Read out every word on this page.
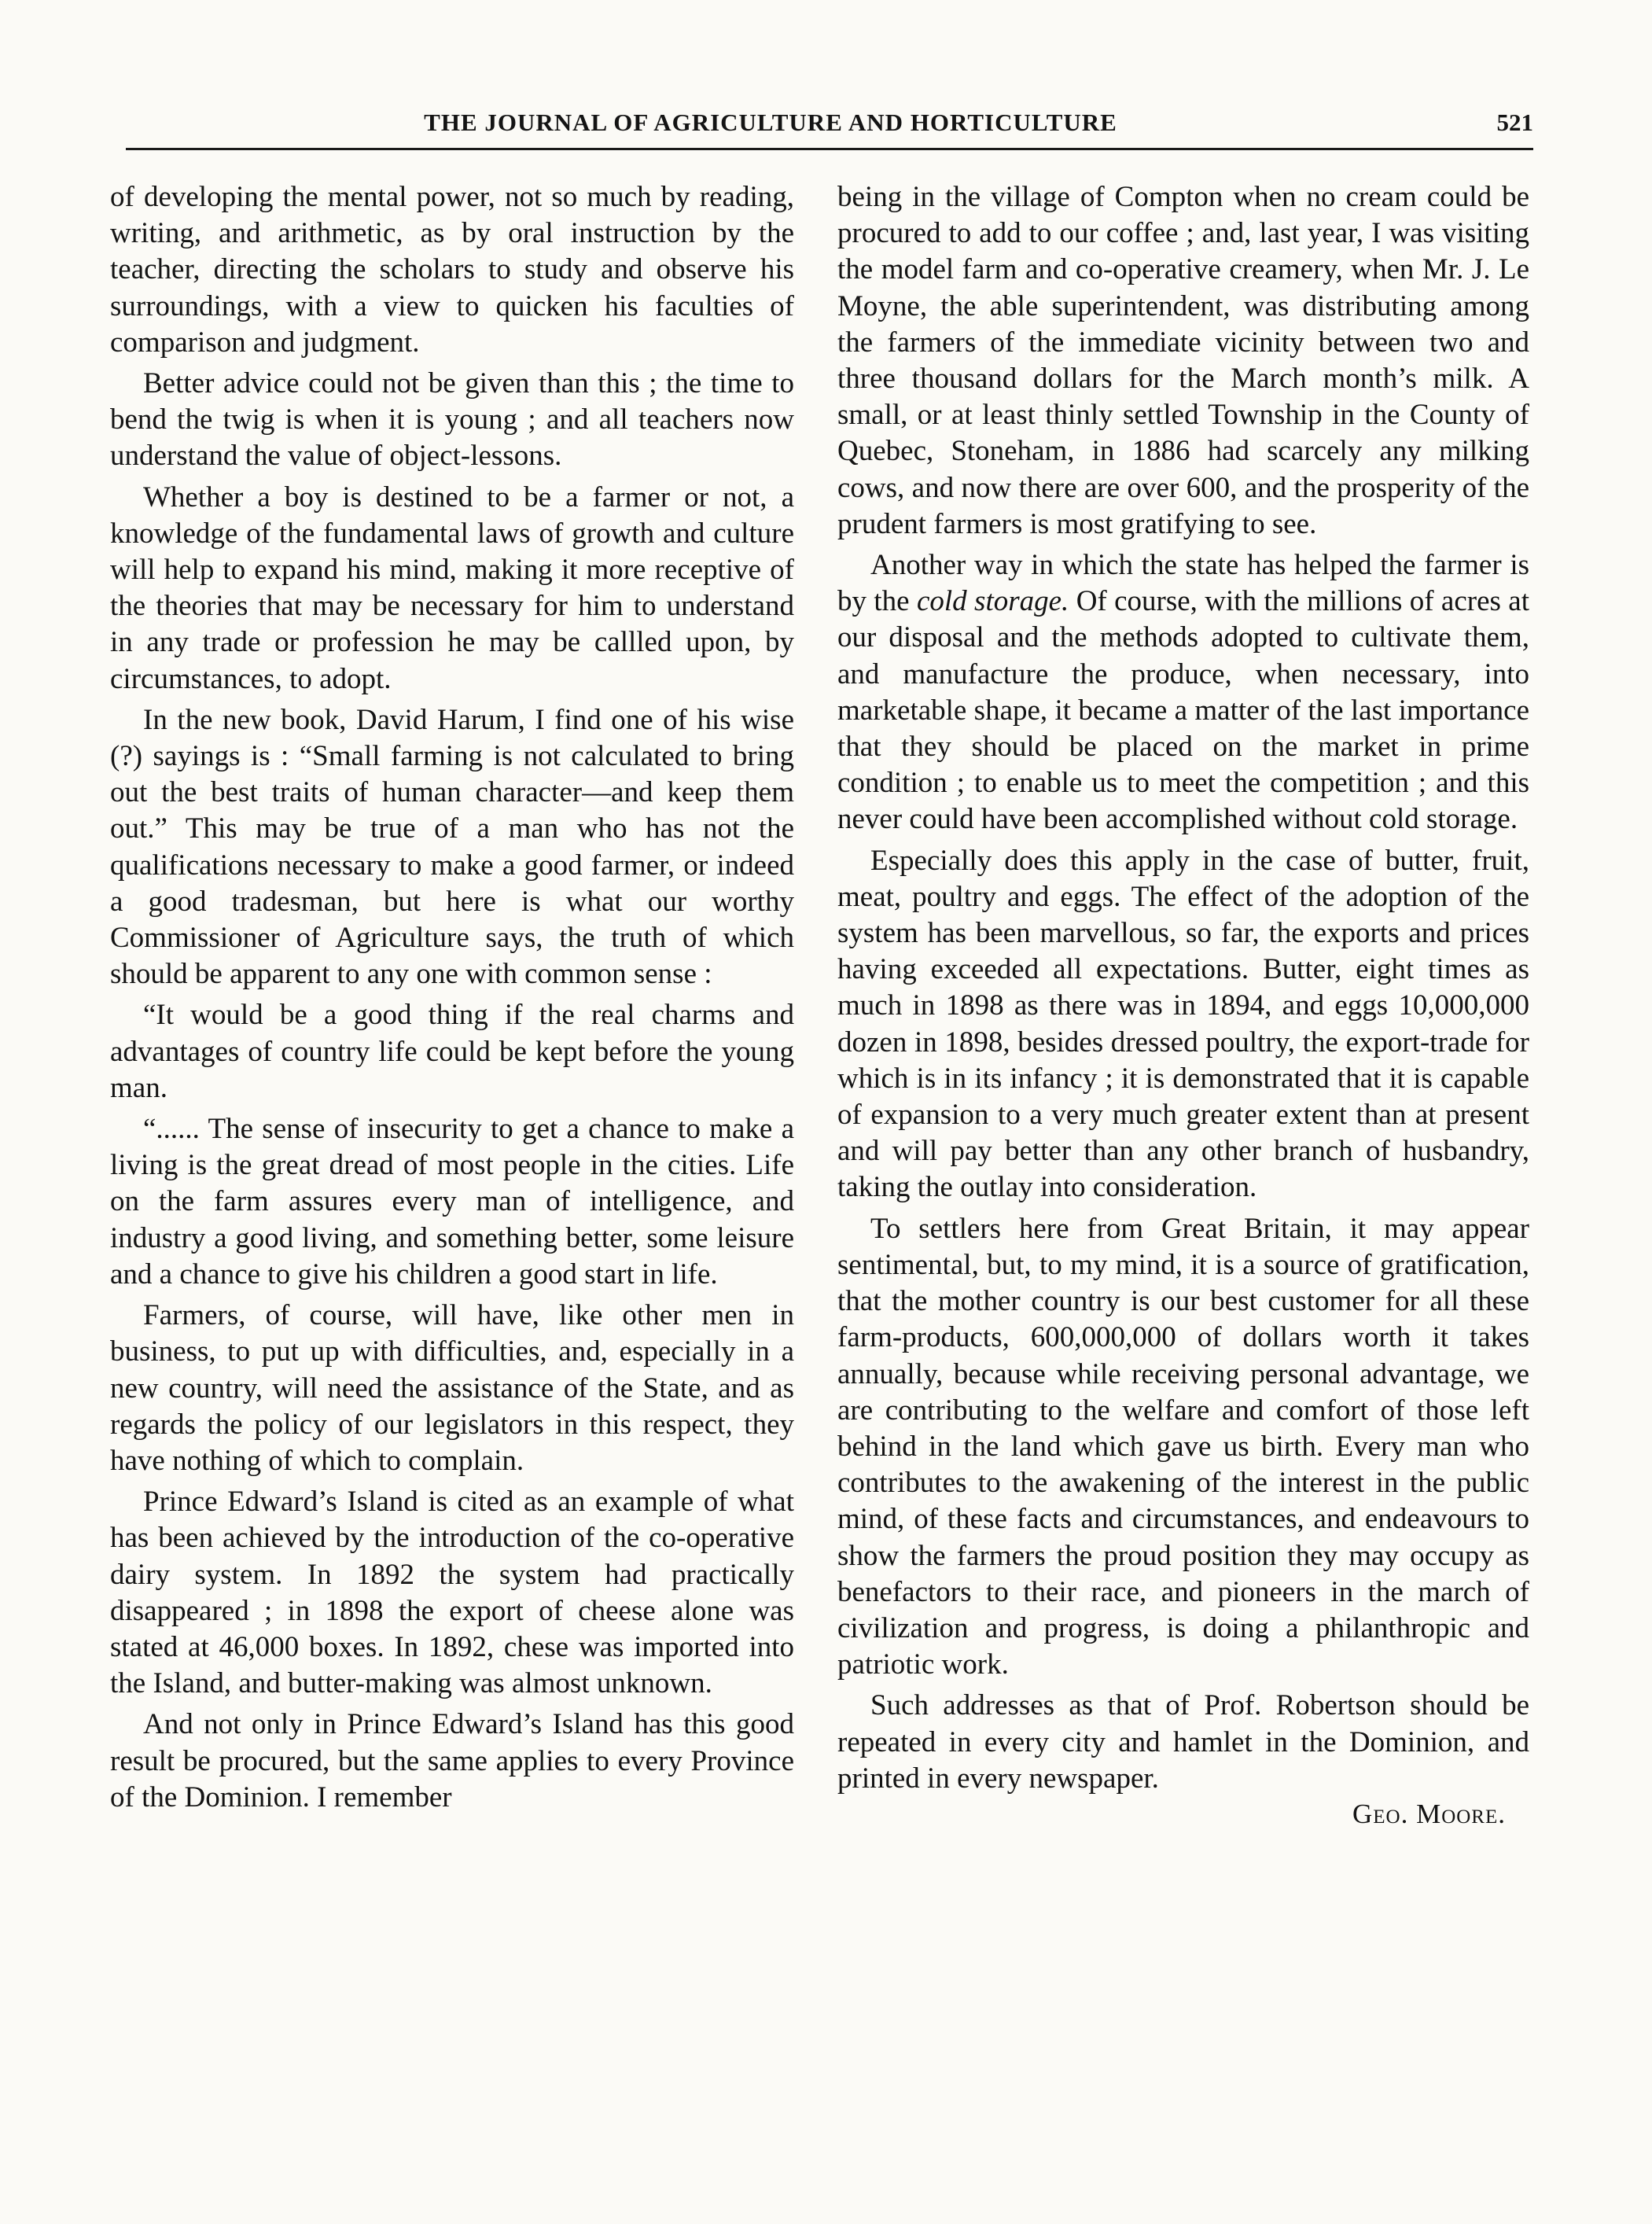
THE JOURNAL OF AGRICULTURE AND HORTICULTURE	521

of developing the mental power, not so much by reading, writing, and arithmetic, as by oral instruction by the teacher, directing the scholars to study and observe his surroundings, with a view to quicken his faculties of comparison and judgment.

Better advice could not be given than this ; the time to bend the twig is when it is young ; and all teachers now understand the value of object-lessons.

Whether a boy is destined to be a farmer or not, a knowledge of the fundamental laws of growth and culture will help to expand his mind, making it more receptive of the theories that may be necessary for him to understand in any trade or profession he may be callled upon, by circumstances, to adopt.

In the new book, David Harum, I find one of his wise (?) sayings is : “Small farming is not calculated to bring out the best traits of human character—and keep them out.” This may be true of a man who has not the qualifications necessary to make a good farmer, or indeed a good tradesman, but here is what our worthy Commissioner of Agriculture says, the truth of which should be apparent to any one with common sense :

“It would be a good thing if the real charms and advantages of country life could be kept before the young man.

“...... The sense of insecurity to get a chance to make a living is the great dread of most people in the cities. Life on the farm assures every man of intelligence, and industry a good living, and something better, some leisure and a chance to give his children a good start in life.

Farmers, of course, will have, like other men in business, to put up with difficulties, and, especially in a new country, will need the assistance of the State, and as regards the policy of our legislators in this respect, they have nothing of which to complain.

Prince Edward’s Island is cited as an example of what has been achieved by the introduction of the co-operative dairy system. In 1892 the system had practically disappeared ; in 1898 the export of cheese alone was stated at 46,000 boxes. In 1892, chese was imported into the Island, and butter-making was almost unknown.

And not only in Prince Edward’s Island has this good result be procured, but the same applies to every Province of the Dominion. I remember

being in the village of Compton when no cream could be procured to add to our coffee ; and, last year, I was visiting the model farm and co-operative creamery, when Mr. J. Le Moyne, the able superintendent, was distributing among the farmers of the immediate vicinity between two and three thousand dollars for the March month’s milk. A small, or at least thinly settled Township in the County of Quebec, Stoneham, in 1886 had scarcely any milking cows, and now there are over 600, and the prosperity of the prudent farmers is most gratifying to see.

Another way in which the state has helped the farmer is by the cold storage. Of course, with the millions of acres at our disposal and the methods adopted to cultivate them, and manufacture the produce, when necessary, into marketable shape, it became a matter of the last importance that they should be placed on the market in prime condition ; to enable us to meet the competition ; and this never could have been accomplished without cold storage.

Especially does this apply in the case of butter, fruit, meat, poultry and eggs. The effect of the adoption of the system has been marvellous, so far, the exports and prices having exceeded all expectations. Butter, eight times as much in 1898 as there was in 1894, and eggs 10,000,000 dozen in 1898, besides dressed poultry, the export-trade for which is in its infancy ; it is demonstrated that it is capable of expansion to a very much greater extent than at present and will pay better than any other branch of husbandry, taking the outlay into consideration.

To settlers here from Great Britain, it may appear sentimental, but, to my mind, it is a source of gratification, that the mother country is our best customer for all these farm-products, 600,000,000 of dollars worth it takes annually, because while receiving personal advantage, we are contributing to the welfare and comfort of those left behind in the land which gave us birth. Every man who contributes to the awakening of the interest in the public mind, of these facts and circumstances, and endeavours to show the farmers the proud position they may occupy as benefactors to their race, and pioneers in the march of civilization and progress, is doing a philanthropic and patriotic work.

Such addresses as that of Prof. Robertson should be repeated in every city and hamlet in the Dominion, and printed in every newspaper.

Geo. Moore.
